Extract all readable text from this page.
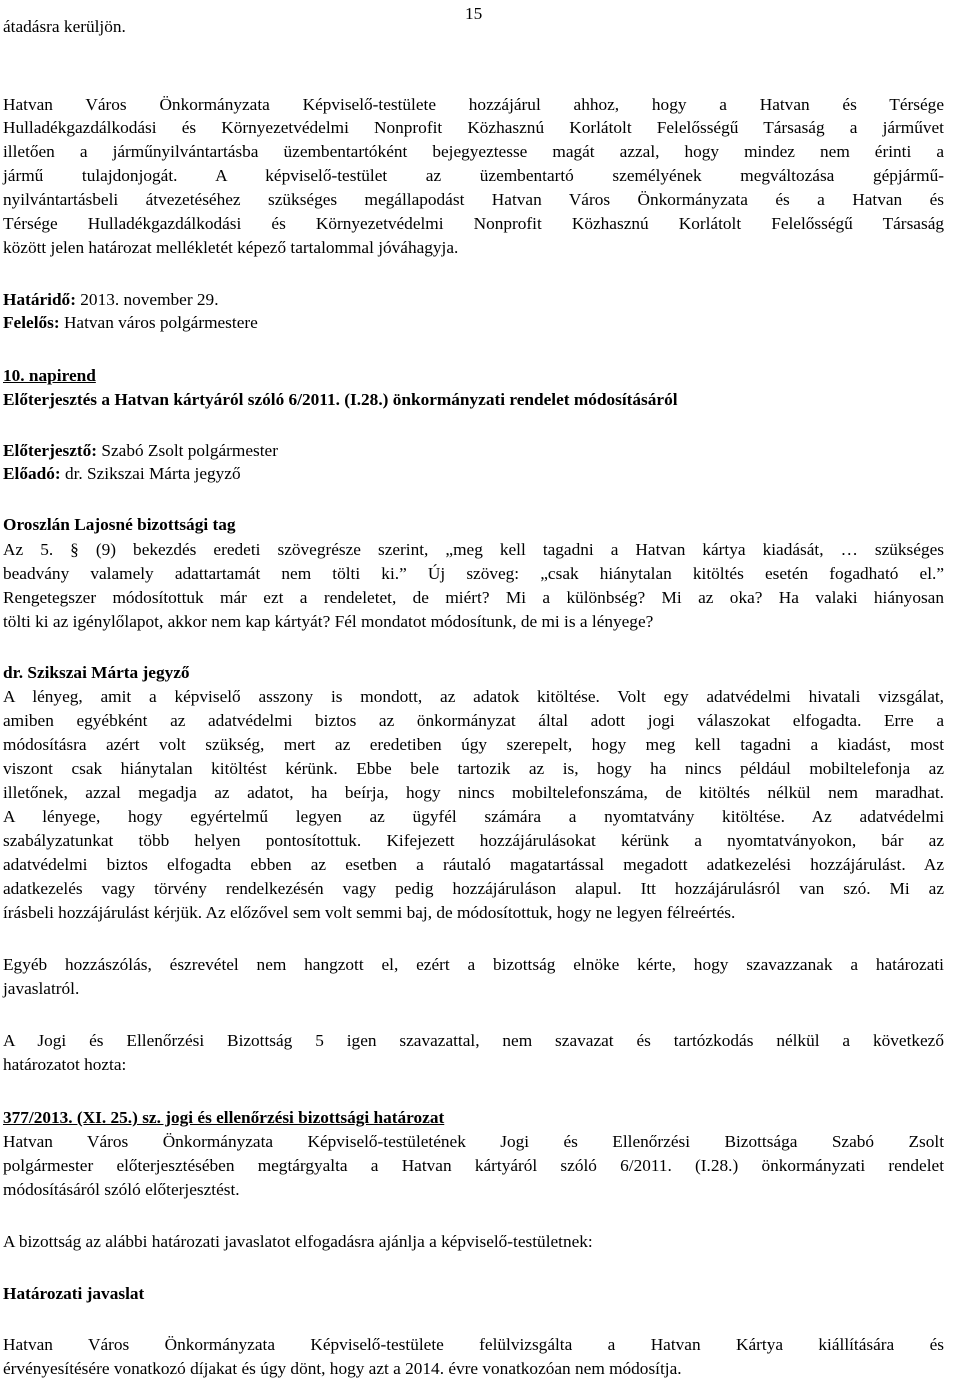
15
átadásra kerüljön.
Hatvan Város Önkormányzata Képviselő-testülete hozzájárul ahhoz, hogy a Hatvan és Térsége
Hulladékgazdálkodási és Környezetvédelmi Nonprofit Közhasznú Korlátolt Felelősségű Társaság a járművet
illetően a járműnyilvántartásba üzembentartóként bejegyeztesse magát azzal, hogy mindez nem érinti a
jármű tulajdonjogát. A képviselő-testület az üzembentartó személyének megváltozása gépjármű-
nyilvántartásbeli átvezetéséhez szükséges megállapodást Hatvan Város Önkormányzata és a Hatvan és
Térsége Hulladékgazdálkodási és Környezetvédelmi Nonprofit Közhasznú Korlátolt Felelősségű Társaság
között jelen határozat mellékletét képező tartalommal jóváhagyja.
Határidő: 2013. november 29.
Felelős: Hatvan város polgármestere
10. napirend
Előterjesztés a Hatvan kártyáról szóló 6/2011. (I.28.) önkormányzati rendelet módosításáról
Előterjesztő: Szabó Zsolt polgármester
Előadó: dr. Szikszai Márta jegyző
Oroszlán Lajosné bizottsági tag
Az 5. § (9) bekezdés eredeti szövegrésze szerint, „meg kell tagadni a Hatvan kártya kiadását, … szükséges
beadvány valamely adattartamát nem tölti ki.” Új szöveg: „csak hiánytalan kitöltés esetén fogadható el.”
Rengetegszer módosítottuk már ezt a rendeletet, de miért? Mi a különbség? Mi az oka? Ha valaki hiányosan
tölti ki az igénylőlapot, akkor nem kap kártyát? Fél mondatot módosítunk, de mi is a lényege?
dr. Szikszai Márta jegyző
A lényeg, amit a képviselő asszony is mondott, az adatok kitöltése. Volt egy adatvédelmi hivatali vizsgálat,
amiben egyébként az adatvédelmi biztos az önkormányzat által adott jogi válaszokat elfogadta. Erre a
módosításra azért volt szükség, mert az eredetiben úgy szerepelt, hogy meg kell tagadni a kiadást, most
viszont csak hiánytalan kitöltést kérünk. Ebbe bele tartozik az is, hogy ha nincs például mobiltelefonja az
illetőnek, azzal megadja az adatot, ha beírja, hogy nincs mobiltelefonszáma, de kitöltés nélkül nem maradhat.
A lényege, hogy egyértelmű legyen az ügyfél számára a nyomtatvány kitöltése. Az adatvédelmi
szabályzatunkat több helyen pontosítottuk. Kifejezett hozzájárulásokat kérünk a nyomtatványokon, bár az
adatvédelmi biztos elfogadta ebben az esetben a ráutaló magatartással megadott adatkezelési hozzájárulást. Az
adatkezelés vagy törvény rendelkezésén vagy pedig hozzájáruláson alapul. Itt hozzájárulásról van szó. Mi az
írásbeli hozzájárulást kérjük. Az előzővel sem volt semmi baj, de módosítottuk, hogy ne legyen félreértés.
Egyéb hozzászólás, észrevétel nem hangzott el, ezért a bizottság elnöke kérte, hogy szavazzanak a határozati
javaslatról.
A Jogi és Ellenőrzési Bizottság 5 igen szavazattal, nem szavazat és tartózkodás nélkül a következő
határozatot hozta:
377/2013. (XI. 25.) sz. jogi és ellenőrzési bizottsági határozat
Hatvan Város Önkormányzata Képviselő-testületének Jogi és Ellenőrzési Bizottsága Szabó Zsolt
polgármester előterjesztésében megtárgyalta a Hatvan kártyáról szóló 6/2011. (I.28.) önkormányzati rendelet
módosításáról szóló előterjesztést.
A bizottság az alábbi határozati javaslatot elfogadásra ajánlja a képviselő-testületnek:
Határozati javaslat
Hatvan Város Önkormányzata Képviselő-testülete felülvizsgálta a Hatvan Kártya kiállítására és
érvényesítésére vonatkozó díjakat és úgy dönt, hogy azt a 2014. évre vonatkozóan nem módosítja.
